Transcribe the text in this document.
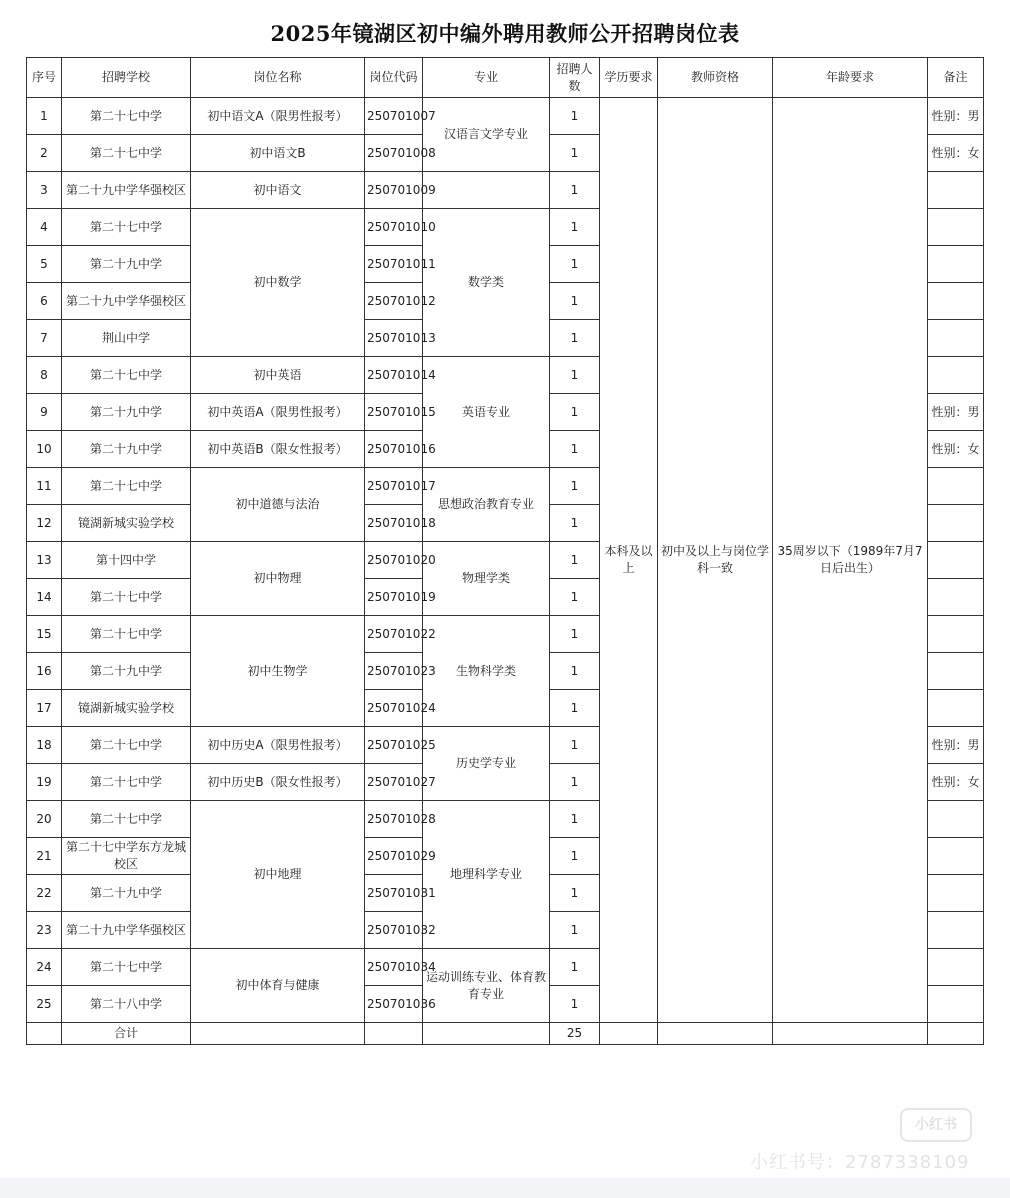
2025年镜湖区初中编外聘用教师公开招聘岗位表
序号	招聘学校	岗位名称	岗位代码	专业	招聘人数	学历要求	教师资格	年龄要求	备注
1	第二十七中学	初中语文A（限男性报考）	250701007	汉语言文学专业	1	本科及以上	初中及以上与岗位学科一致	35周岁以下（1989年7月7日后出生）	性别：男
2	第二十七中学	初中语文B	250701008		1				性别：女
3	第二十九中学华强校区	初中语文	250701009		1				
4	第二十七中学	初中数学	250701010	数学类	1				
5	第二十九中学		250701011		1				
6	第二十九中学华强校区		250701012		1				
7	荆山中学		250701013		1				
8	第二十七中学	初中英语	250701014	英语专业	1				
9	第二十九中学	初中英语A（限男性报考）	250701015		1				性别：男
10	第二十九中学	初中英语B（限女性报考）	250701016		1				性别：女
11	第二十七中学	初中道德与法治	250701017	思想政治教育专业	1				
12	镜湖新城实验学校		250701018		1				
13	第十四中学	初中物理	250701020	物理学类	1				
14	第二十七中学		250701019		1				
15	第二十七中学	初中生物学	250701022	生物科学类	1				
16	第二十九中学		250701023		1				
17	镜湖新城实验学校		250701024		1				
18	第二十七中学	初中历史A（限男性报考）	250701025	历史学专业	1				性别：男
19	第二十七中学	初中历史B（限女性报考）	250701027		1				性别：女
20	第二十七中学	初中地理	250701028	地理科学专业	1				
21	第二十七中学东方龙城校区		250701029		1				
22	第二十九中学		250701031		1				
23	第二十九中学华强校区		250701032		1				
24	第二十七中学	初中体育与健康	250701034	运动训练专业、体育教育专业	1				
25	第二十八中学		250701036		1				
	合计				25				
小红书
小红书号：2787338109
